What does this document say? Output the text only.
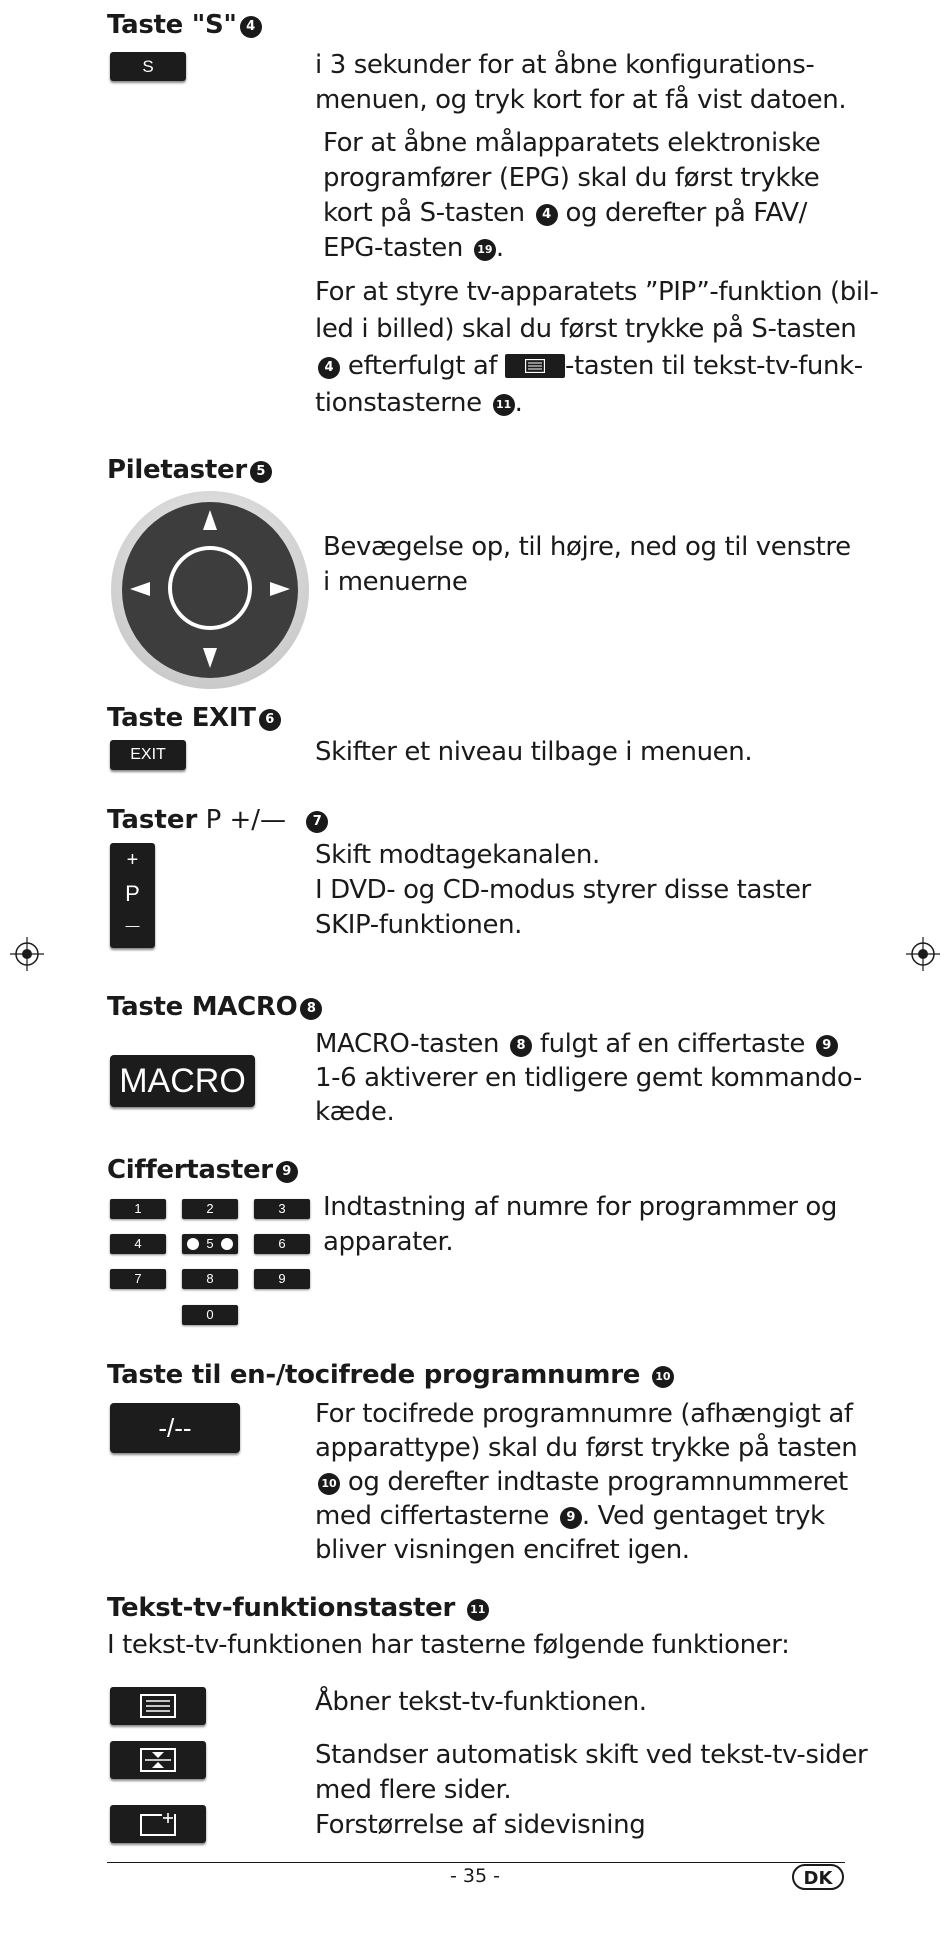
Taste "S" 4
S	i 3 sekunder for at åbne konfigurations-
menuen, og tryk kort for at få vist datoen.
For at åbne målapparatets elektroniske
programfører (EPG) skal du først trykke
kort på S-tasten 4 og derefter på FAV/
EPG-tasten 19 .
For at styre tv-apparatets ”PIP”-funktion (bil-
led i billed) skal du først trykke på S-tasten
4 efterfulgt af	-tasten til tekst-tv-funk-
tionstasterne 11 .
Piletaster 5
Bevægelse op, til højre, ned og til venstre
i menuerne
Taste EXIT 6
EXIT	Skifter et niveau tilbage i menuen.
Taster P +/— 7
+
P
—
Skift modtagekanalen.
I DVD- og CD-modus styrer disse taster
SKIP-funktionen.
Taste MACRO 8
MACRO
MACRO-tasten 8 fulgt af en ciffertaste 9
1-6 aktiverer en tidligere gemt kommando-
kæde.
Ciffertaster 9
1	2	3
4	5	6
7	8	9
0
Indtastning af numre for programmer og
apparater.
Taste til en-/tocifrede programnumre 10
-/--	For tocifrede programnumre (afhængigt af
apparattype) skal du først trykke på tasten
10 og derefter indtaste programnummeret
med ciffertasterne 9 . Ved gentaget tryk
bliver visningen encifret igen.
Tekst-tv-funktionstaster 11
I tekst-tv-funktionen har tasterne følgende funktioner:
Åbner tekst-tv-funktionen.
Standser automatisk skift ved tekst-tv-sider
med flere sider.
Forstørrelse af sidevisning
- 35 -	DK
